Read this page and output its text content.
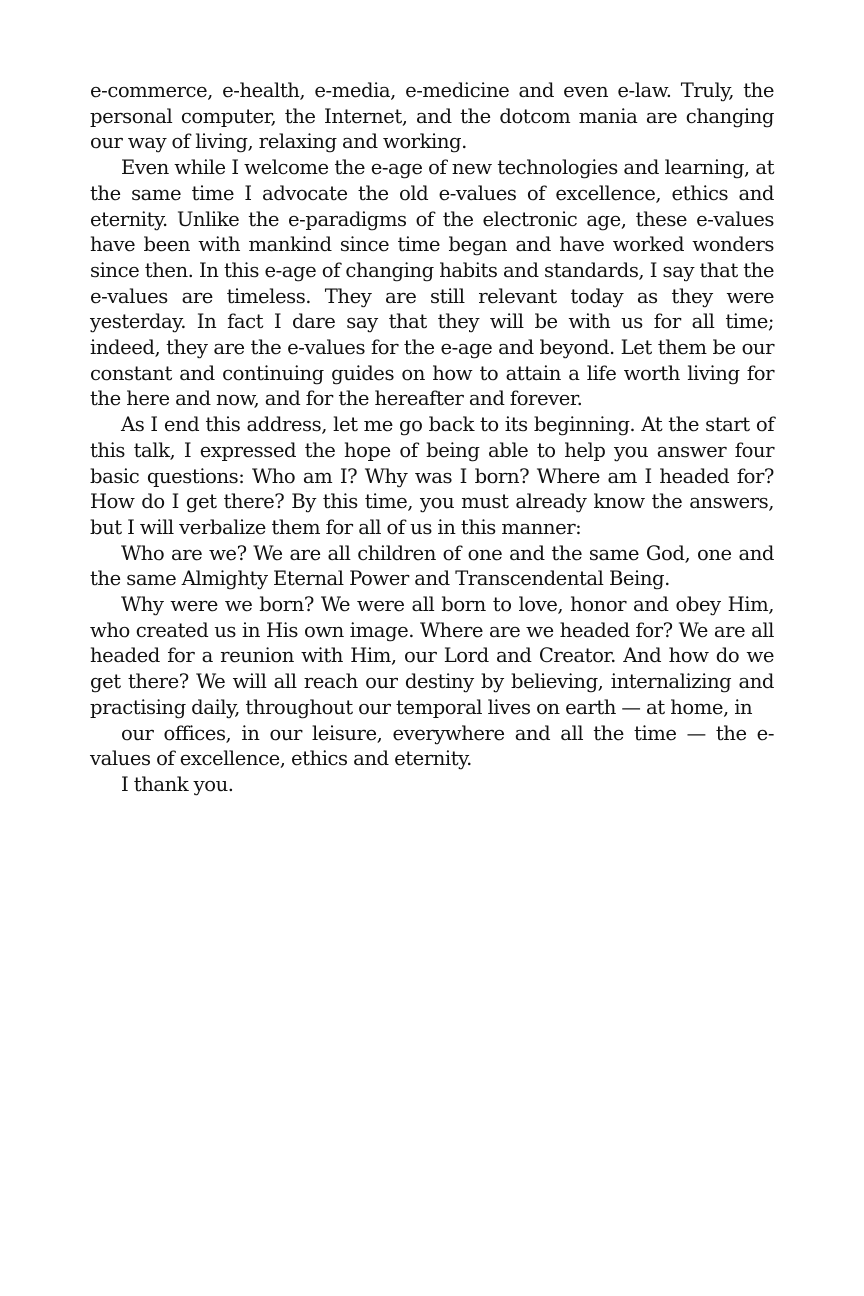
e-commerce, e-health, e-media, e-medicine and even e-law. Truly, the personal computer, the Internet, and the dotcom mania are changing our way of living, relaxing and working.

Even while I welcome the e-age of new technologies and learning, at the same time I advocate the old e-values of excellence, ethics and eternity. Unlike the e-paradigms of the electronic age, these e-values have been with mankind since time began and have worked wonders since then. In this e-age of changing habits and standards, I say that the e-values are timeless. They are still relevant today as they were yesterday. In fact I dare say that they will be with us for all time; indeed, they are the e-values for the e-age and beyond. Let them be our constant and continuing guides on how to attain a life worth living for the here and now, and for the hereafter and forever.

As I end this address, let me go back to its beginning. At the start of this talk, I expressed the hope of being able to help you answer four basic questions: Who am I? Why was I born? Where am I headed for? How do I get there? By this time, you must already know the answers, but I will verbalize them for all of us in this manner:

Who are we? We are all children of one and the same God, one and the same Almighty Eternal Power and Transcendental Being.

Why were we born? We were all born to love, honor and obey Him, who created us in His own image. Where are we headed for? We are all headed for a reunion with Him, our Lord and Creator. And how do we get there? We will all reach our destiny by believing, internalizing and practising daily, throughout our temporal lives on earth — at home, in

our offices, in our leisure, everywhere and all the time — the e-values of excellence, ethics and eternity.

I thank you.
